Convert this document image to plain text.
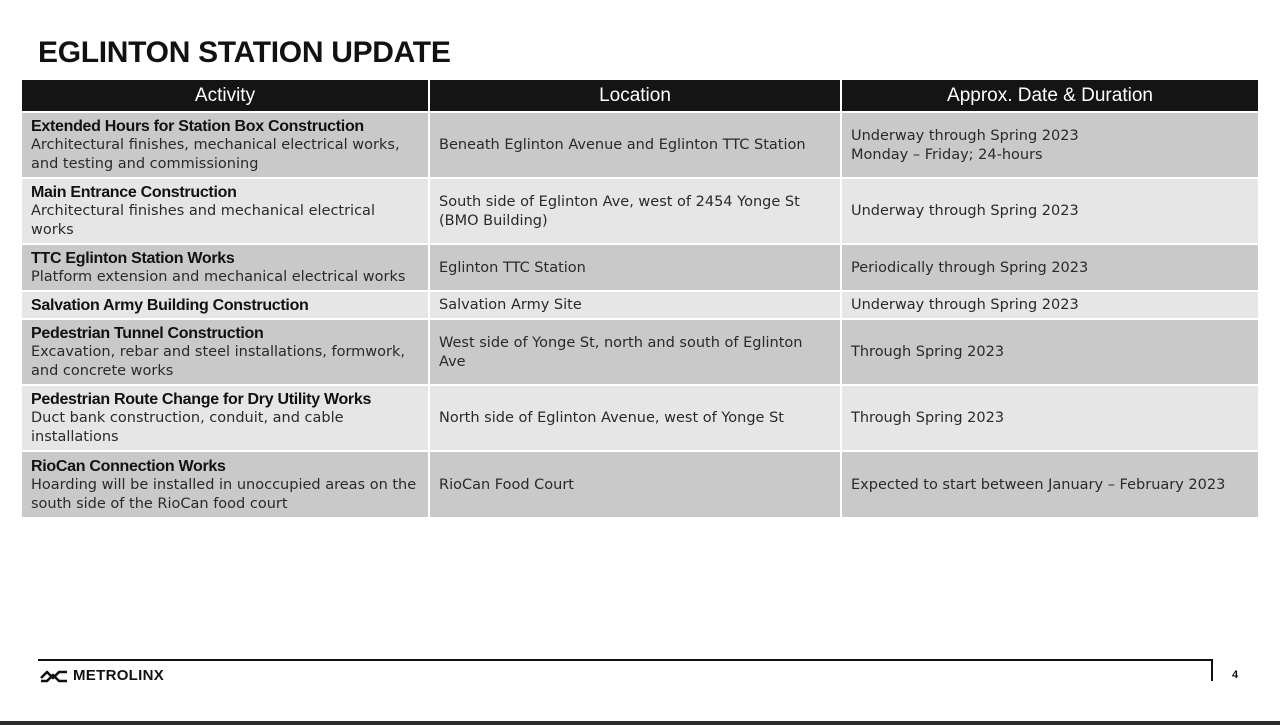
EGLINTON STATION UPDATE
Activity	Location	Approx. Date & Duration

Extended Hours for Station Box Construction
Architectural finishes, mechanical electrical works, and testing and commissioning	Beneath Eglinton Avenue and Eglinton TTC Station	Underway through Spring 2023
Monday – Friday; 24-hours

Main Entrance Construction
Architectural finishes and mechanical electrical works	South side of Eglinton Ave, west of 2454 Yonge St (BMO Building)	Underway through Spring 2023

TTC Eglinton Station Works
Platform extension and mechanical electrical works	Eglinton TTC Station	Periodically through Spring 2023

Salvation Army Building Construction	Salvation Army Site	Underway through Spring 2023

Pedestrian Tunnel Construction
Excavation, rebar and steel installations, formwork, and concrete works	West side of Yonge St, north and south of Eglinton Ave	Through Spring 2023

Pedestrian Route Change for Dry Utility Works
Duct bank construction, conduit, and cable installations	North side of Eglinton Avenue, west of Yonge St	Through Spring 2023

RioCan Connection Works
Hoarding will be installed in unoccupied areas on the south side of the RioCan food court	RioCan Food Court	Expected to start between January – February 2023
METROLINX	4
